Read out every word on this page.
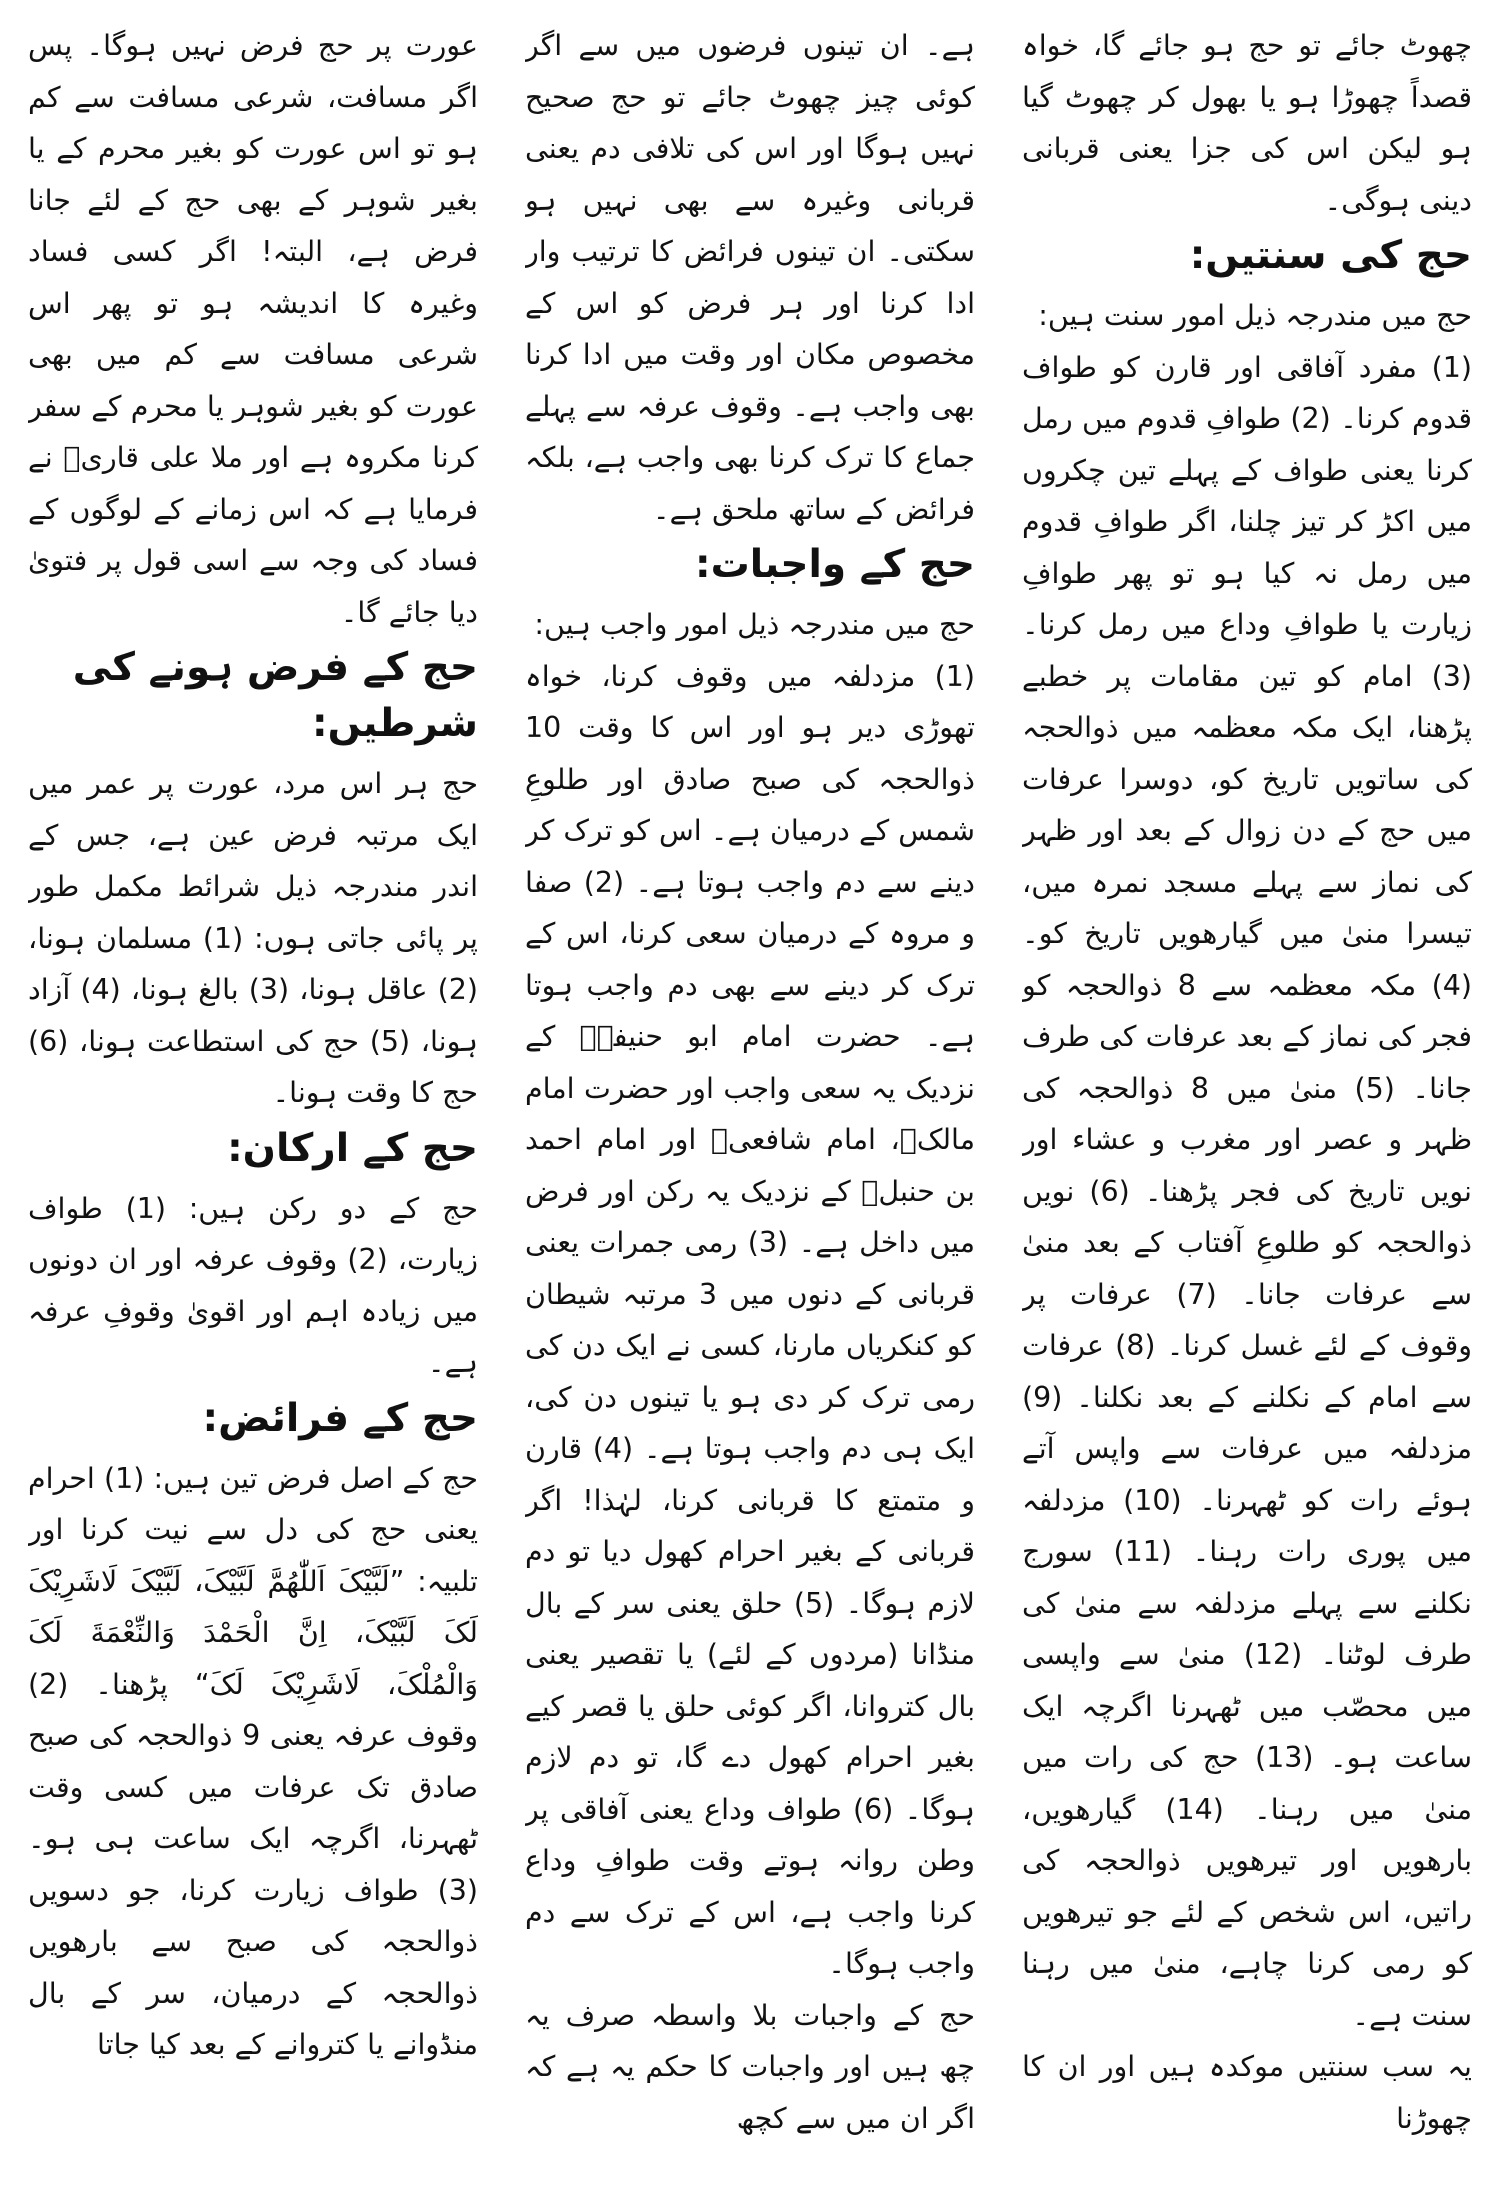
عورت پر حج فرض نہیں ہوگا۔ پس اگر مسافت، شرعی مسافت سے کم ہو تو اس عورت کو بغیر محرم کے یا بغیر شوہر کے بھی حج کے لئے جانا فرض ہے، البتہ! اگر کسی فساد وغیرہ کا اندیشہ ہو تو پھر اس شرعی مسافت سے کم میں بھی عورت کو بغیر شوہر یا محرم کے سفر کرنا مکروہ ہے اور ملا علی قاریؒ نے فرمایا ہے کہ اس زمانے کے لوگوں کے فساد کی وجہ سے اسی قول پر فتویٰ دیا جائے گا۔

حج کے فرض ہونے کی شرطیں:

حج ہر اس مرد، عورت پر عمر میں ایک مرتبہ فرض عین ہے، جس کے اندر مندرجہ ذیل شرائط مکمل طور پر پائی جاتی ہوں: (1) مسلمان ہونا، (2) عاقل ہونا، (3) بالغ ہونا، (4) آزاد ہونا، (5) حج کی استطاعت ہونا، (6) حج کا وقت ہونا۔

حج کے ارکان:

حج کے دو رکن ہیں: (1) طواف زیارت، (2) وقوف عرفہ اور ان دونوں میں زیادہ اہم اور اقویٰ وقوفِ عرفہ ہے۔

حج کے فرائض:

حج کے اصل فرض تین ہیں: (1) احرام یعنی حج کی دل سے نیت کرنا اور تلبیہ: ”لَبَّیْکَ اَللّٰھُمَّ لَبَّیْکَ، لَبَّیْکَ لَاشَرِیْکَ لَکَ لَبَّیْکَ، اِنَّ الْحَمْدَ وَالنِّعْمَةَ لَکَ وَالْمُلْکَ، لَاشَرِیْکَ لَکَ“ پڑھنا۔ (2) وقوف عرفہ یعنی 9 ذوالحجہ کی صبح صادق تک عرفات میں کسی وقت ٹھہرنا، اگرچہ ایک ساعت ہی ہو۔ (3) طواف زیارت کرنا، جو دسویں ذوالحجہ کی صبح سے بارھویں ذوالحجہ کے درمیان، سر کے بال منڈوانے یا کتروانے کے بعد کیا جاتا

ہے۔ ان تینوں فرضوں میں سے اگر کوئی چیز چھوٹ جائے تو حج صحیح نہیں ہوگا اور اس کی تلافی دم یعنی قربانی وغیرہ سے بھی نہیں ہو سکتی۔ ان تینوں فرائض کا ترتیب وار ادا کرنا اور ہر فرض کو اس کے مخصوص مکان اور وقت میں ادا کرنا بھی واجب ہے۔ وقوف عرفہ سے پہلے جماع کا ترک کرنا بھی واجب ہے، بلکہ فرائض کے ساتھ ملحق ہے۔

حج کے واجبات:

حج میں مندرجہ ذیل امور واجب ہیں:

(1) مزدلفہ میں وقوف کرنا، خواہ تھوڑی دیر ہو اور اس کا وقت 10 ذوالحجہ کی صبح صادق اور طلوعِ شمس کے درمیان ہے۔ اس کو ترک کر دینے سے دم واجب ہوتا ہے۔ (2) صفا و مروہ کے درمیان سعی کرنا، اس کے ترک کر دینے سے بھی دم واجب ہوتا ہے۔ حضرت امام ابو حنیفہؒ کے نزدیک یہ سعی واجب اور حضرت امام مالکؒ، امام شافعیؒ اور امام احمد بن حنبلؒ کے نزدیک یہ رکن اور فرض میں داخل ہے۔ (3) رمی جمرات یعنی قربانی کے دنوں میں 3 مرتبہ شیطان کو کنکریاں مارنا، کسی نے ایک دن کی رمی ترک کر دی ہو یا تینوں دن کی، ایک ہی دم واجب ہوتا ہے۔ (4) قارن و متمتع کا قربانی کرنا، لہٰذا! اگر قربانی کے بغیر احرام کھول دیا تو دم لازم ہوگا۔ (5) حلق یعنی سر کے بال منڈانا (مردوں کے لئے) یا تقصیر یعنی بال کتروانا، اگر کوئی حلق یا قصر کیے بغیر احرام کھول دے گا، تو دم لازم ہوگا۔ (6) طواف وداع یعنی آفاقی پر وطن روانہ ہوتے وقت طوافِ وداع کرنا واجب ہے، اس کے ترک سے دم واجب ہوگا۔

حج کے واجبات بلا واسطہ صرف یہ چھ ہیں اور واجبات کا حکم یہ ہے کہ اگر ان میں سے کچھ

چھوٹ جائے تو حج ہو جائے گا، خواہ قصداً چھوڑا ہو یا بھول کر چھوٹ گیا ہو لیکن اس کی جزا یعنی قربانی دینی ہوگی۔

حج کی سنتیں:

حج میں مندرجہ ذیل امور سنت ہیں:

(1) مفرد آفاقی اور قارن کو طواف قدوم کرنا۔ (2) طوافِ قدوم میں رمل کرنا یعنی طواف کے پہلے تین چکروں میں اکڑ کر تیز چلنا، اگر طوافِ قدوم میں رمل نہ کیا ہو تو پھر طوافِ زیارت یا طوافِ وداع میں رمل کرنا۔ (3) امام کو تین مقامات پر خطبے پڑھنا، ایک مکہ معظمہ میں ذوالحجہ کی ساتویں تاریخ کو، دوسرا عرفات میں حج کے دن زوال کے بعد اور ظہر کی نماز سے پہلے مسجد نمرہ میں، تیسرا منیٰ میں گیارھویں تاریخ کو۔ (4) مکہ معظمہ سے 8 ذوالحجہ کو فجر کی نماز کے بعد عرفات کی طرف جانا۔ (5) منیٰ میں 8 ذوالحجہ کی ظہر و عصر اور مغرب و عشاء اور نویں تاریخ کی فجر پڑھنا۔ (6) نویں ذوالحجہ کو طلوعِ آفتاب کے بعد منیٰ سے عرفات جانا۔ (7) عرفات پر وقوف کے لئے غسل کرنا۔ (8) عرفات سے امام کے نکلنے کے بعد نکلنا۔ (9) مزدلفہ میں عرفات سے واپس آتے ہوئے رات کو ٹھہرنا۔ (10) مزدلفہ میں پوری رات رہنا۔ (11) سورج نکلنے سے پہلے مزدلفہ سے منیٰ کی طرف لوٹنا۔ (12) منیٰ سے واپسی میں محصّب میں ٹھہرنا اگرچہ ایک ساعت ہو۔ (13) حج کی رات میں منیٰ میں رہنا۔ (14) گیارھویں، بارھویں اور تیرھویں ذوالحجہ کی راتیں، اس شخص کے لئے جو تیرھویں کو رمی کرنا چاہے، منیٰ میں رہنا سنت ہے۔

یہ سب سنتیں موکدہ ہیں اور ان کا چھوڑنا
